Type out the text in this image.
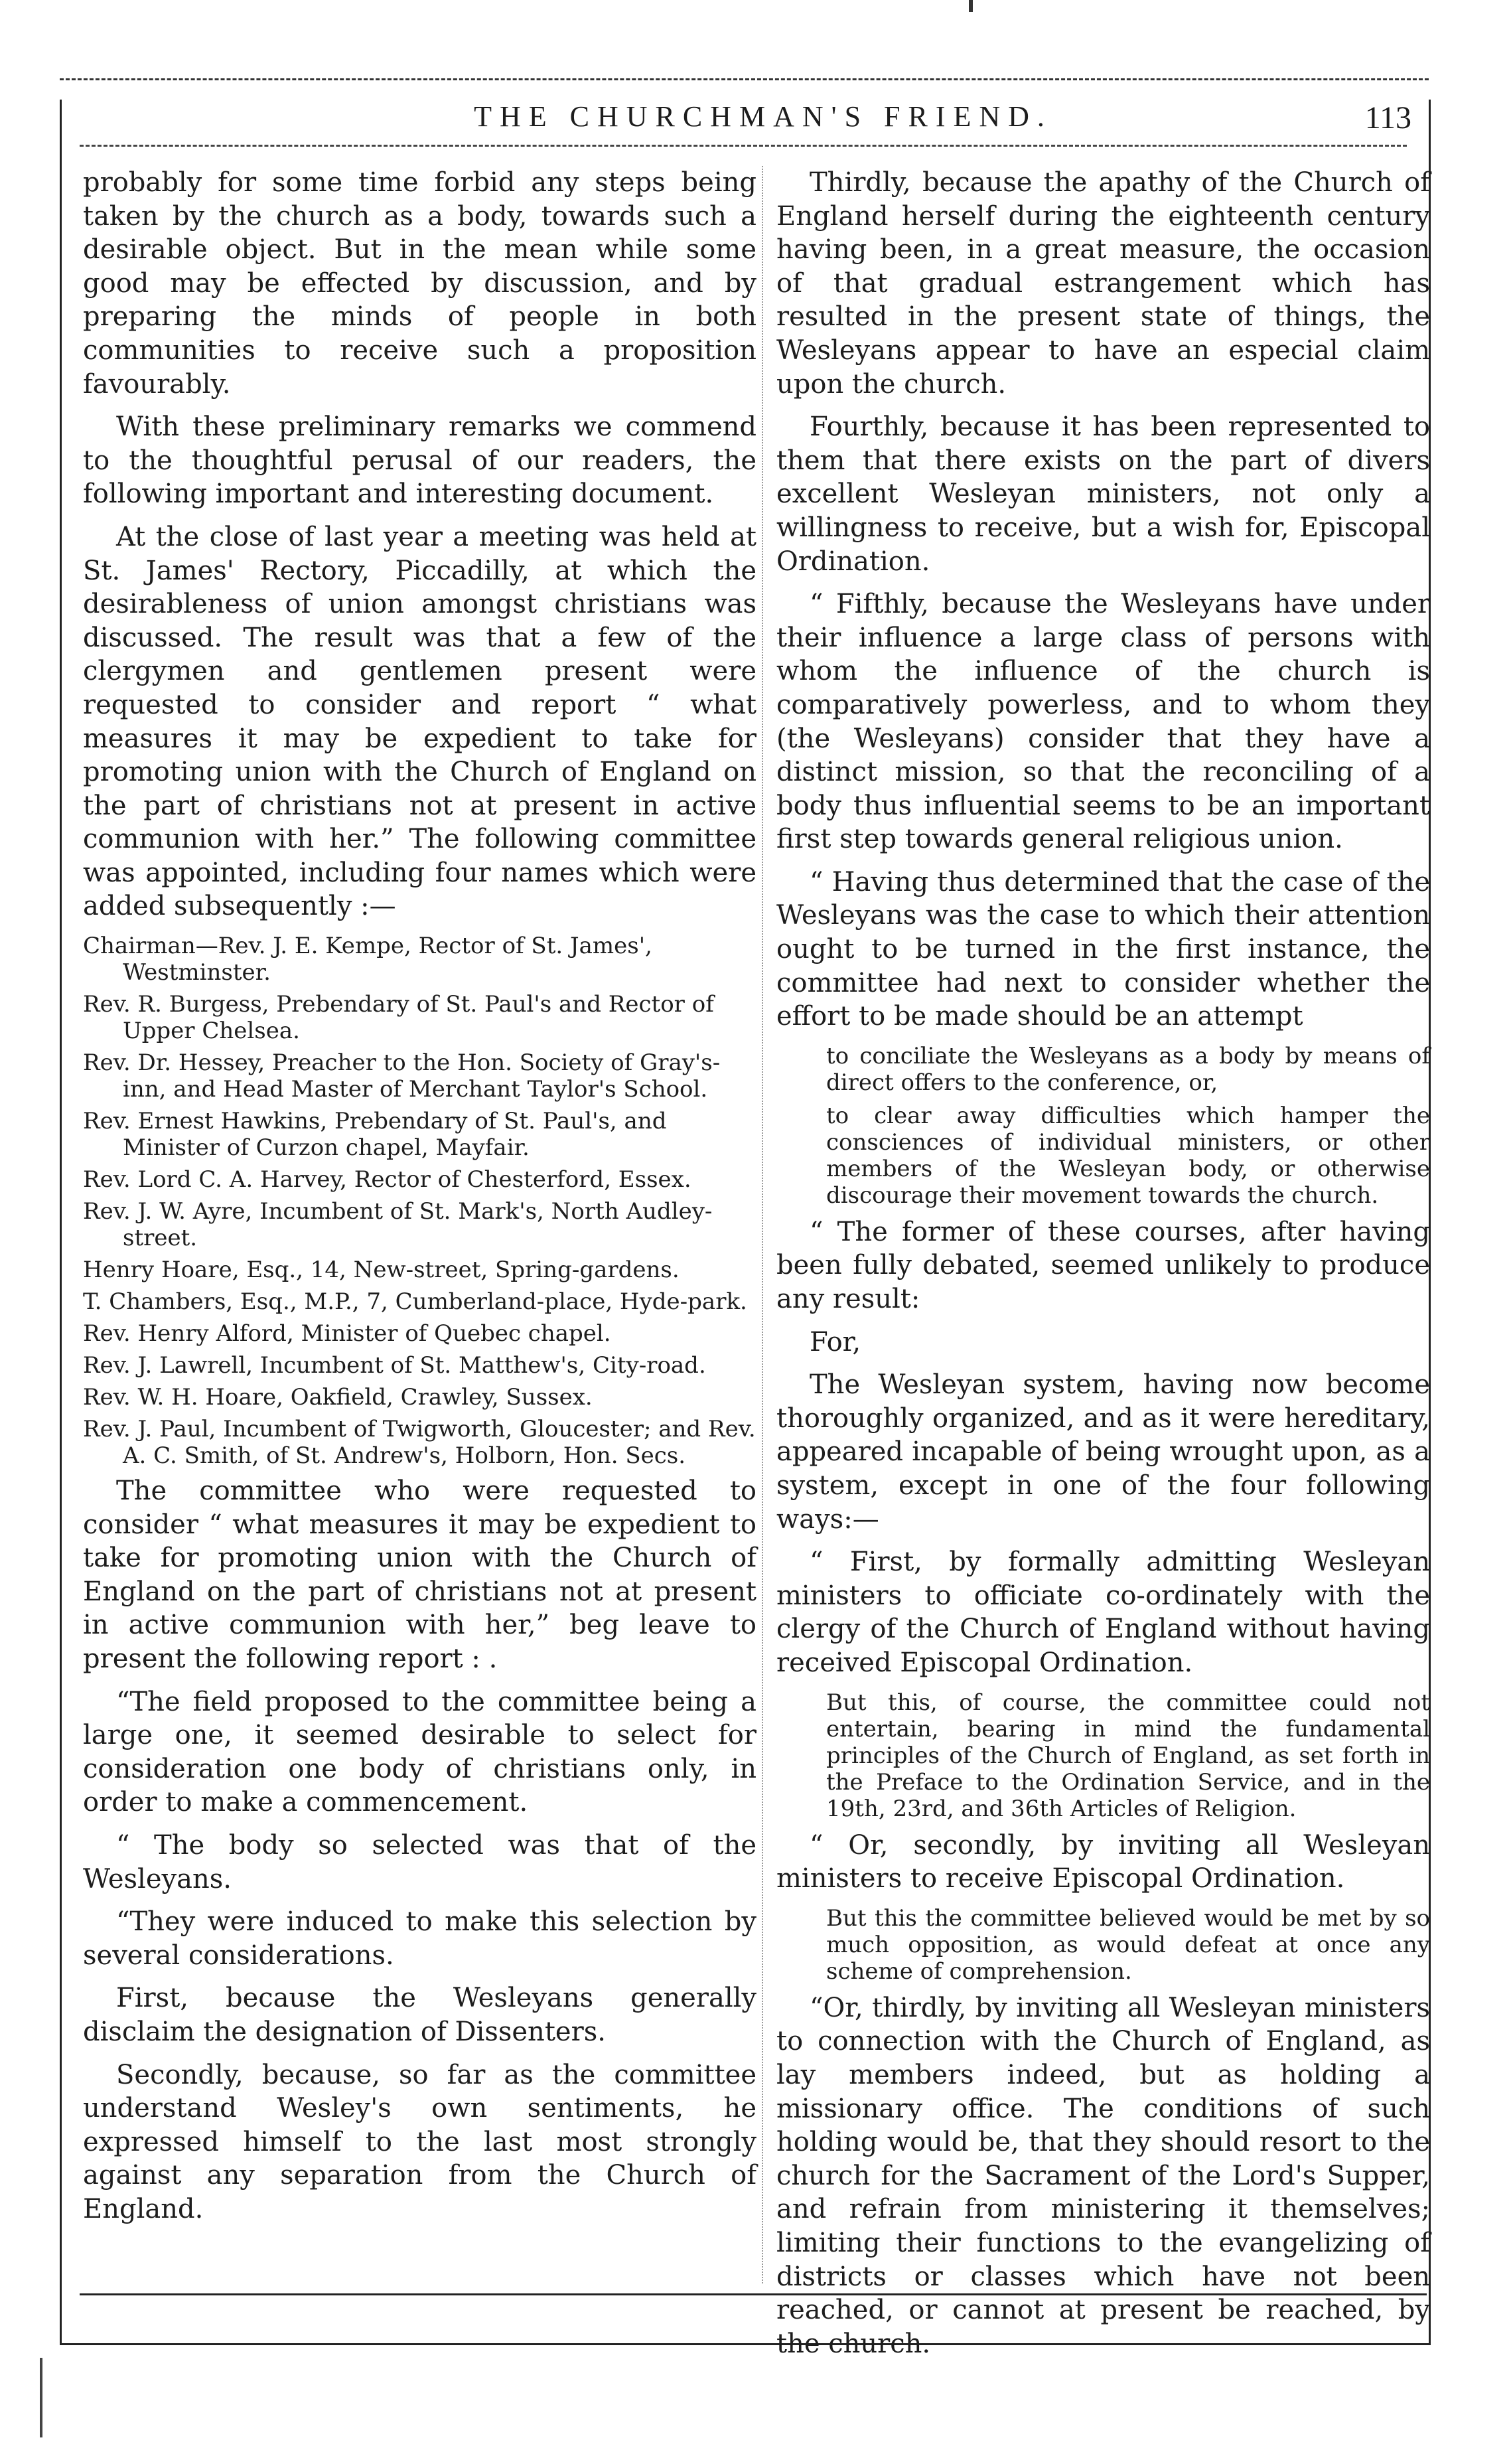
THE CHURCHMAN'S FRIEND.	113

probably for some time forbid any steps being taken by the church as a body, towards such a desirable object. But in the mean while some good may be effected by discussion, and by preparing the minds of people in both communities to receive such a proposition favourably.

With these preliminary remarks we commend to the thoughtful perusal of our readers, the following important and interesting document.

At the close of last year a meeting was held at St. James' Rectory, Piccadilly, at which the desirableness of union amongst christians was discussed. The result was that a few of the clergymen and gentlemen present were requested to consider and report “ what measures it may be expedient to take for promoting union with the Church of England on the part of christians not at present in active communion with her.” The following committee was appointed, including four names which were added subsequently :—

Chairman—Rev. J. E. Kempe, Rector of St. James', Westminster.

Rev. R. Burgess, Prebendary of St. Paul's and Rector of Upper Chelsea.

Rev. Dr. Hessey, Preacher to the Hon. Society of Gray's-inn, and Head Master of Merchant Taylor's School.

Rev. Ernest Hawkins, Prebendary of St. Paul's, and Minister of Curzon chapel, Mayfair.

Rev. Lord C. A. Harvey, Rector of Chesterford, Essex.

Rev. J. W. Ayre, Incumbent of St. Mark's, North Audley-street.

Henry Hoare, Esq., 14, New-street, Spring-gardens.

T. Chambers, Esq., M.P., 7, Cumberland-place, Hyde-park.

Rev. Henry Alford, Minister of Quebec chapel.

Rev. J. Lawrell, Incumbent of St. Matthew's, City-road.

Rev. W. H. Hoare, Oakfield, Crawley, Sussex.

Rev. J. Paul, Incumbent of Twigworth, Gloucester; and Rev. A. C. Smith, of St. Andrew's, Holborn, Hon. Secs.

The committee who were requested to consider “ what measures it may be expedient to take for promoting union with the Church of England on the part of christians not at present in active communion with her,” beg leave to present the following report : .

“The field proposed to the committee being a large one, it seemed desirable to select for consideration one body of christians only, in order to make a commencement.

“ The body so selected was that of the Wesleyans.

“They were induced to make this selection by several considerations.

First, because the Wesleyans generally disclaim the designation of Dissenters.

Secondly, because, so far as the committee understand Wesley's own sentiments, he expressed himself to the last most strongly against any separation from the Church of England.

Thirdly, because the apathy of the Church of England herself during the eighteenth century having been, in a great measure, the occasion of that gradual estrangement which has resulted in the present state of things, the Wesleyans appear to have an especial claim upon the church.

Fourthly, because it has been represented to them that there exists on the part of divers excellent Wesleyan ministers, not only a willingness to receive, but a wish for, Episcopal Ordination.

“ Fifthly, because the Wesleyans have under their influence a large class of persons with whom the influence of the church is comparatively powerless, and to whom they (the Wesleyans) consider that they have a distinct mission, so that the reconciling of a body thus influential seems to be an important first step towards general religious union.

“ Having thus determined that the case of the Wesleyans was the case to which their attention ought to be turned in the first instance, the committee had next to consider whether the effort to be made should be an attempt

to conciliate the Wesleyans as a body by means of direct offers to the conference, or,

to clear away difficulties which hamper the consciences of individual ministers, or other members of the Wesleyan body, or otherwise discourage their movement towards the church.

“ The former of these courses, after having been fully debated, seemed unlikely to produce any result:

For,

The Wesleyan system, having now become thoroughly organized, and as it were hereditary, appeared incapable of being wrought upon, as a system, except in one of the four following ways:—

“ First, by formally admitting Wesleyan ministers to officiate co-ordinately with the clergy of the Church of England without having received Episcopal Ordination.

But this, of course, the committee could not entertain, bearing in mind the fundamental principles of the Church of England, as set forth in the Preface to the Ordination Service, and in the 19th, 23rd, and 36th Articles of Religion.

“ Or, secondly, by inviting all Wesleyan ministers to receive Episcopal Ordination.

But this the committee believed would be met by so much opposition, as would defeat at once any scheme of comprehension.

“Or, thirdly, by inviting all Wesleyan ministers to connection with the Church of England, as lay members indeed, but as holding a missionary office. The conditions of such holding would be, that they should resort to the church for the Sacrament of the Lord's Supper, and refrain from ministering it themselves; limiting their functions to the evangelizing of districts or classes which have not been reached, or cannot at present be reached, by the church.
